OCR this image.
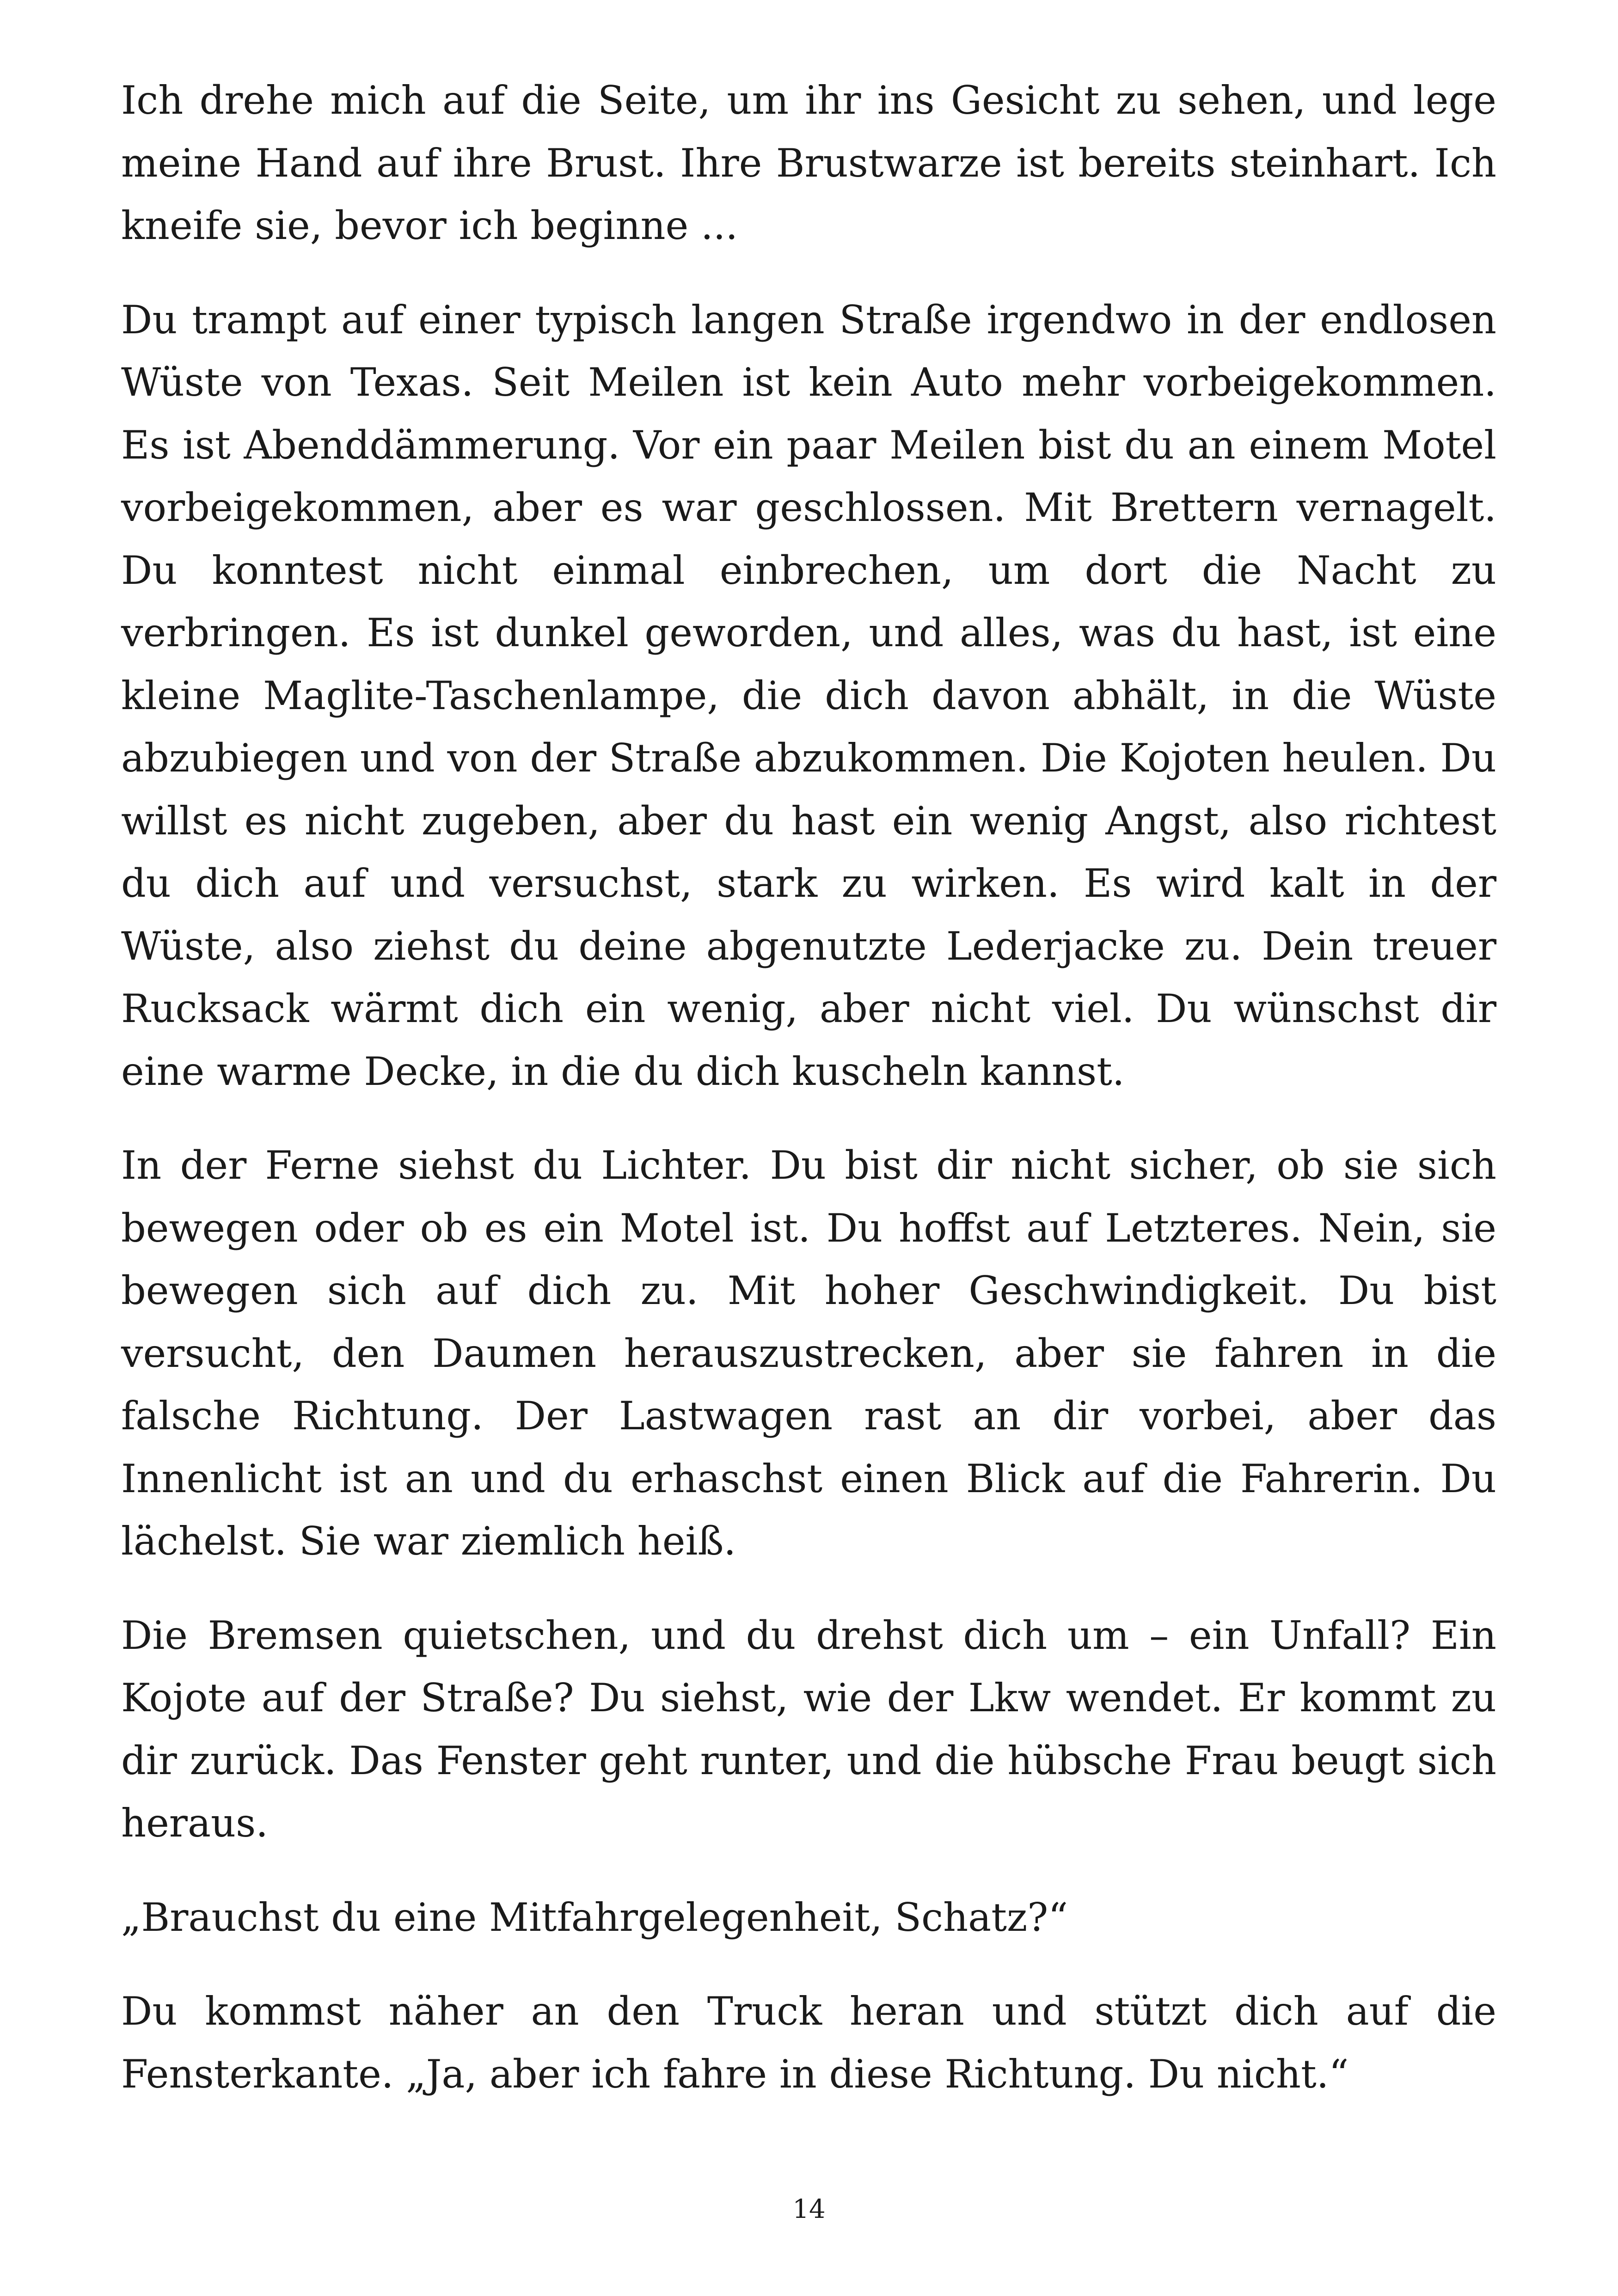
Ich drehe mich auf die Seite, um ihr ins Gesicht zu sehen, und lege meine Hand auf ihre Brust. Ihre Brustwarze ist bereits steinhart. Ich kneife sie, bevor ich beginne ...

Du trampt auf einer typisch langen Straße irgendwo in der endlosen Wüste von Texas. Seit Meilen ist kein Auto mehr vorbeigekommen. Es ist Abenddämmerung. Vor ein paar Meilen bist du an einem Motel vorbeigekommen, aber es war geschlossen. Mit Brettern vernagelt. Du konntest nicht einmal einbrechen, um dort die Nacht zu verbringen. Es ist dunkel geworden, und alles, was du hast, ist eine kleine Maglite-Taschenlampe, die dich davon abhält, in die Wüste abzubiegen und von der Straße abzukommen. Die Kojoten heulen. Du willst es nicht zugeben, aber du hast ein wenig Angst, also richtest du dich auf und versuchst, stark zu wirken. Es wird kalt in der Wüste, also ziehst du deine abgenutzte Lederjacke zu. Dein treuer Rucksack wärmt dich ein wenig, aber nicht viel. Du wünschst dir eine warme Decke, in die du dich kuscheln kannst.

In der Ferne siehst du Lichter. Du bist dir nicht sicher, ob sie sich bewegen oder ob es ein Motel ist. Du hoffst auf Letzteres. Nein, sie bewegen sich auf dich zu. Mit hoher Geschwindigkeit. Du bist versucht, den Daumen herauszustrecken, aber sie fahren in die falsche Richtung. Der Lastwagen rast an dir vorbei, aber das Innenlicht ist an und du erhaschst einen Blick auf die Fahrerin. Du lächelst. Sie war ziemlich heiß.

Die Bremsen quietschen, und du drehst dich um – ein Unfall? Ein Kojote auf der Straße? Du siehst, wie der Lkw wendet. Er kommt zu dir zurück. Das Fenster geht runter, und die hübsche Frau beugt sich heraus.

„Brauchst du eine Mitfahrgelegenheit, Schatz?“

Du kommst näher an den Truck heran und stützt dich auf die Fensterkante. „Ja, aber ich fahre in diese Richtung. Du nicht.“

14
